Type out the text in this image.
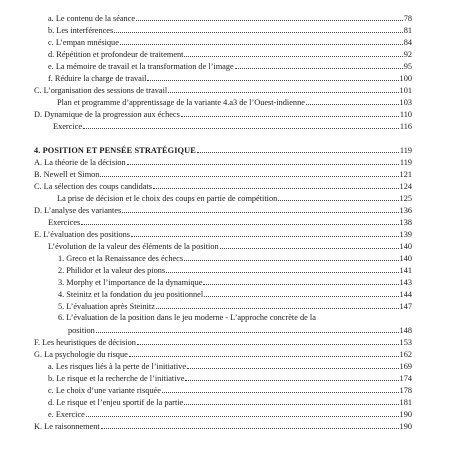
a. Le contenu de la séance	78
b. Les interférences	81
c. L’empan mnésique	84
d. Répétition et profondeur de traitement	92
e. La mémoire de travail et la transformation de l’image	95
f. Réduire la charge de travail	100
C. L’organisation des sessions de travail	101
Plan et programme d’apprentissage de la variante 4.a3 de l’Ouest-indienne	103
D. Dynamique de la progression aux échecs	110
Exercice	116
4. POSITION ET PENSÉE STRATÉGIQUE	119
A. La théorie de la décision	119
B. Newell et Simon	121
C. La sélection des coups candidats	124
La prise de décision et le choix des coups en partie de compétition	125
D. L’analyse des variantes	136
Exercices	138
E. L’évaluation des positions	139
L’évolution de la valeur des éléments de la position	140
1. Greco et la Renaissance des échecs	140
2. Philidor et la valeur des pions	141
3. Morphy et l’importance de la dynamique	143
4. Steinitz et la fondation du jeu positionnel	144
5. L’évaluation après Steinitz	147
6. L’évaluation de la position dans le jeu moderne - L’approche concrète de la
position	148
F. Les heuristiques de décision	153
G. La psychologie du risque	162
a. Les risques liés à la perte de l’initiative	169
b. Le risque et la recherche de l’initiative	174
c. Le choix d’une variante risquée	178
d. Le risque et l’enjeu sportif de la partie	181
e. Exercice	190
K. Le raisonnement	190
